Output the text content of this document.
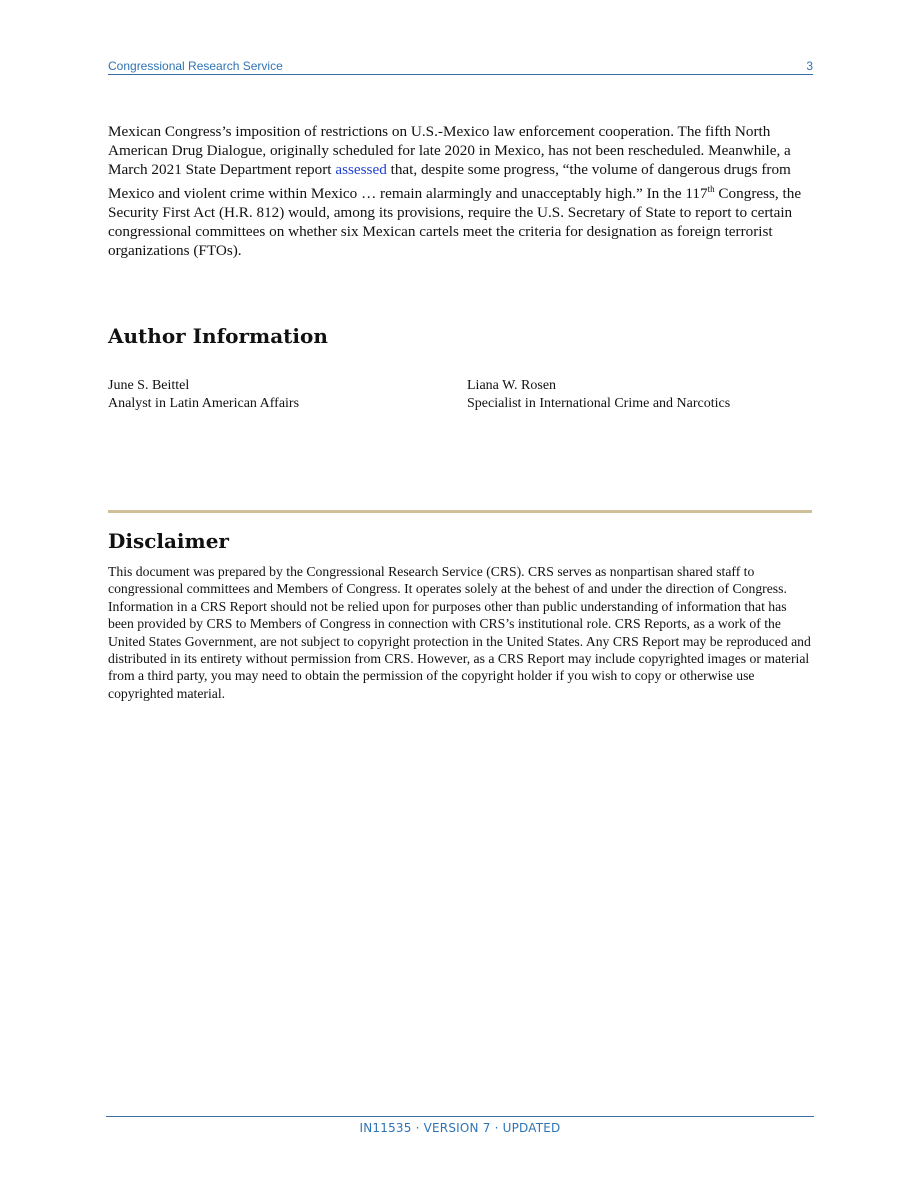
Congressional Research Service	3

Mexican Congress’s imposition of restrictions on U.S.-Mexico law enforcement cooperation. The fifth North American Drug Dialogue, originally scheduled for late 2020 in Mexico, has not been rescheduled. Meanwhile, a March 2021 State Department report assessed that, despite some progress, “the volume of dangerous drugs from Mexico and violent crime within Mexico … remain alarmingly and unacceptably high.” In the 117th Congress, the Security First Act (H.R. 812) would, among its provisions, require the U.S. Secretary of State to report to certain congressional committees on whether six Mexican cartels meet the criteria for designation as foreign terrorist organizations (FTOs).

Author Information
June S. Beittel
Analyst in Latin American Affairs
Liana W. Rosen
Specialist in International Crime and Narcotics
Disclaimer

This document was prepared by the Congressional Research Service (CRS). CRS serves as nonpartisan shared staff to congressional committees and Members of Congress. It operates solely at the behest of and under the direction of Congress. Information in a CRS Report should not be relied upon for purposes other than public understanding of information that has been provided by CRS to Members of Congress in connection with CRS’s institutional role. CRS Reports, as a work of the United States Government, are not subject to copyright protection in the United States. Any CRS Report may be reproduced and distributed in its entirety without permission from CRS. However, as a CRS Report may include copyrighted images or material from a third party, you may need to obtain the permission of the copyright holder if you wish to copy or otherwise use copyrighted material.

IN11535 · VERSION 7 · UPDATED
